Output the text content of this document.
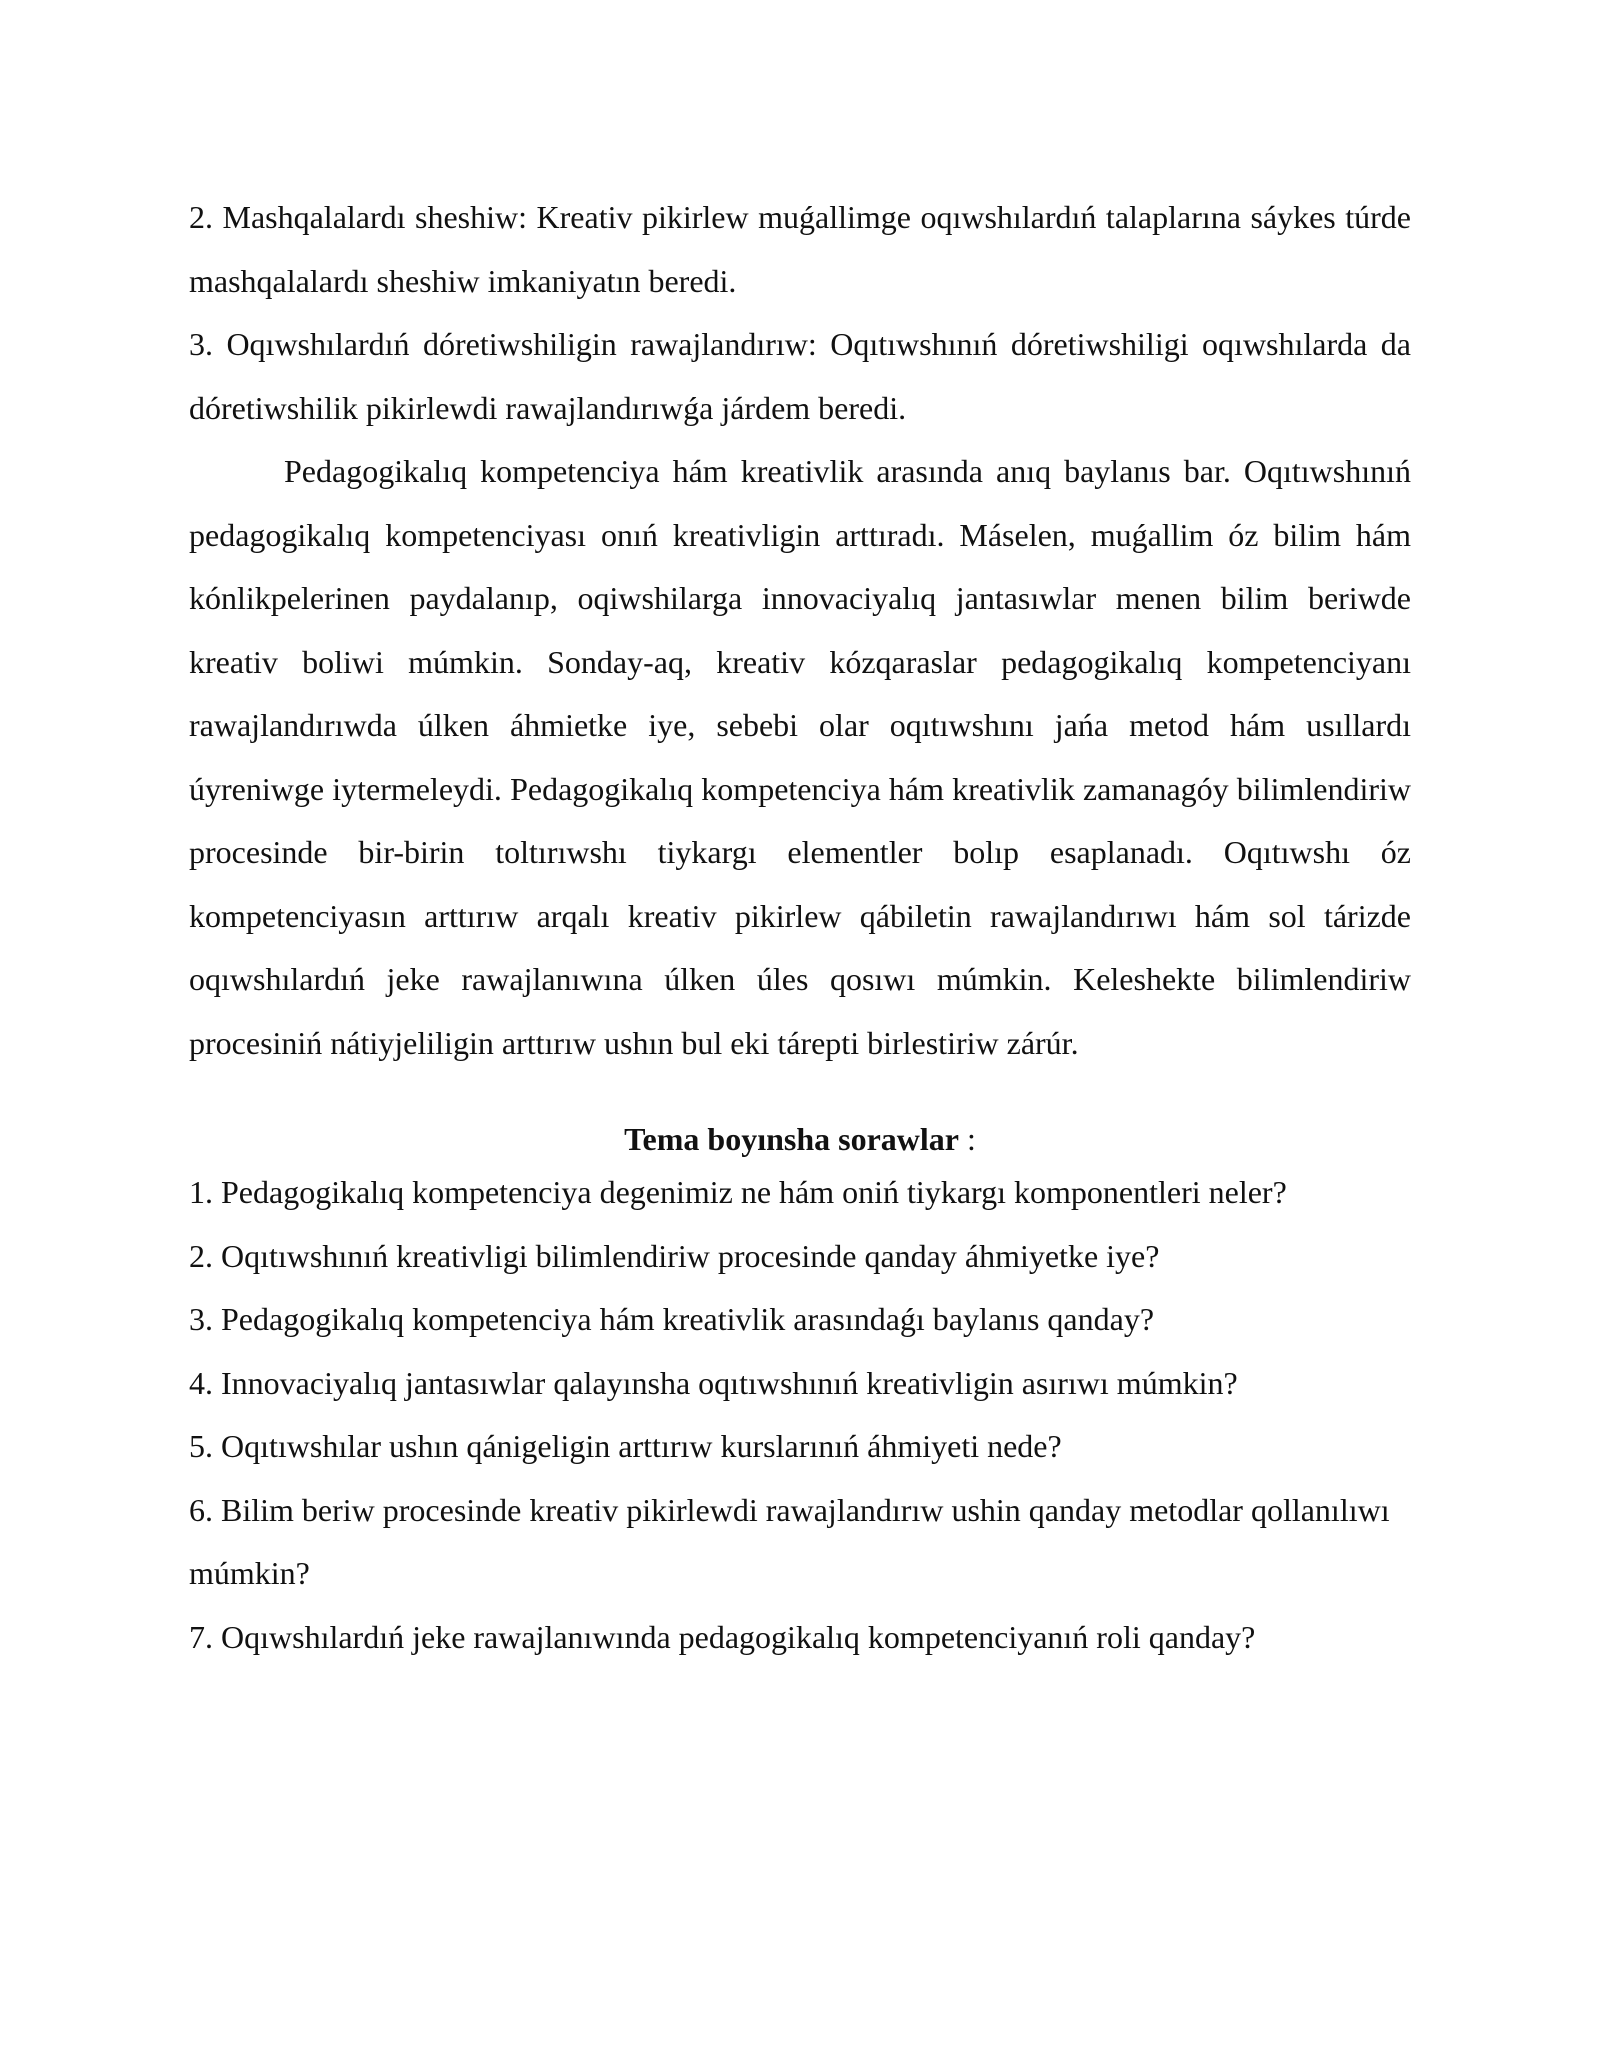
2. Mashqalalardı sheshiw: Kreativ pikirlew muǵallimge oqıwshılardıń talaplarına sáykes túrde mashqalalardı sheshiw imkaniyatın beredi.

3. Oqıwshılardıń dóretiwshiligin rawajlandırıw: Oqıtıwshınıń dóretiwshiligi oqıwshılarda da dóretiwshilik pikirlewdi rawajlandırıwǵa járdem beredi.

Pedagogikalıq kompetenciya hám kreativlik arasında anıq baylanıs bar. Oqıtıwshınıń pedagogikalıq kompetenciyası onıń kreativligin arttıradı. Máselen, muǵallim óz bilim hám kónlikpelerinen paydalanıp, oqiwshilarga innovaciyalıq jantasıwlar menen bilim beriwde kreativ boliwi múmkin. Sonday-aq, kreativ kózqaraslar pedagogikalıq kompetenciyanı rawajlandırıwda úlken áhmietke iye, sebebi olar oqıtıwshını jańa metod hám usıllardı úyreniwge iytermeleydi. Pedagogikalıq kompetenciya hám kreativlik zamanagóy bilimlendiriw procesinde bir-birin toltırıwshı tiykargı elementler bolıp esaplanadı. Oqıtıwshı óz kompetenciyasın arttırıw arqalı kreativ pikirlew qábiletin rawajlandırıwı hám sol tárizde oqıwshılardıń jeke rawajlanıwına úlken úles qosıwı múmkin. Keleshekte bilimlendiriw procesiniń nátiyjeliligin arttırıw ushın bul eki tárepti birlestiriw zárúr.

Tema boyınsha sorawlar :

1. Pedagogikalıq kompetenciya degenimiz ne hám oniń tiykargı komponentleri neler?
2. Oqıtıwshınıń kreativligi bilimlendiriw procesinde qanday áhmiyetke iye?
3. Pedagogikalıq kompetenciya hám kreativlik arasındaǵı baylanıs qanday?
4. Innovaciyalıq jantasıwlar qalayınsha oqıtıwshınıń kreativligin asırıwı múmkin?
5. Oqıtıwshılar ushın qánigeligin arttırıw kurslarınıń áhmiyeti nede?
6. Bilim beriw procesinde kreativ pikirlewdi rawajlandırıw ushin qanday metodlar qollanılıwı múmkin?
7. Oqıwshılardıń jeke rawajlanıwında pedagogikalıq kompetenciyanıń roli qanday?
